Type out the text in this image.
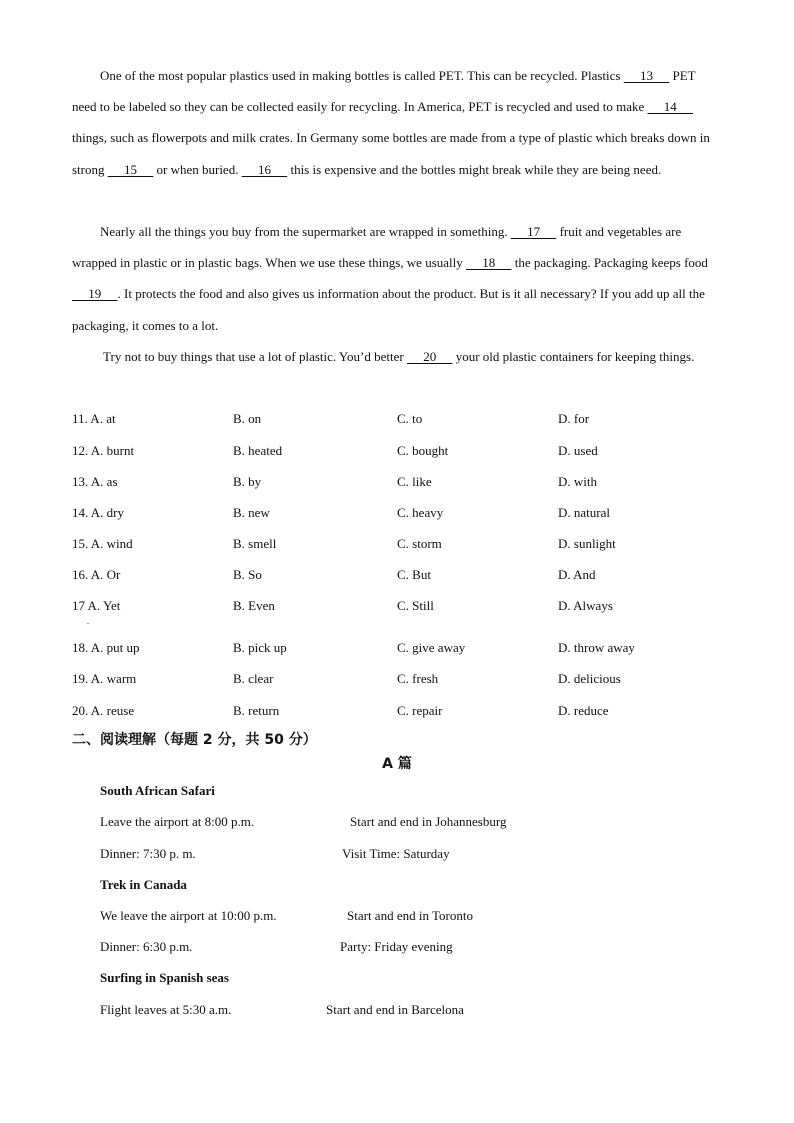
One of the most popular plastics used in making bottles is called PET. This can be recycled. Plastics      13      PET need to be labeled so they can be collected easily for recycling. In America, PET is recycled and used to make      14      things, such as flowerpots and milk crates. In Germany some bottles are made from a type of plastic which breaks down in strong      15      or when buried.      16      this is expensive and the bottles might break while they are being need.

Nearly all the things you buy from the supermarket are wrapped in something.      17      fruit and vegetables are wrapped in plastic or in plastic bags. When we use these things, we usually      18      the packaging. Packaging keeps food      19     . It protects the food and also gives us information about the product. But is it all necessary? If you add up all the packaging, it comes to a lot.

Try not to buy things that use a lot of plastic. You’d better      20      your old plastic containers for keeping things.

11. A. at	B. on	C. to	D. for
12. A. burnt	B. heated	C. bought	D. used
13. A. as	B. by	C. like	D. with
14. A. dry	B. new	C. heavy	D. natural
15. A. wind	B. smell	C. storm	D. sunlight
16. A. Or	B. So	C. But	D. And
17 A. Yet	B. Even	C. Still	D. Always
18. A. put up	B. pick up	C. give away	D. throw away
19. A. warm	B. clear	C. fresh	D. delicious
20. A. reuse	B. return	C. repair	D. reduce
.
二、阅读理解（每题 2 分，共 50 分）
A 篇
South African Safari
Leave the airport at 8:00 p.m.	Start and end in Johannesburg
Dinner: 7:30 p. m.	Visit Time: Saturday
Trek in Canada
We leave the airport at 10:00 p.m.	Start and end in Toronto
Dinner: 6:30 p.m.	Party: Friday evening
Surfing in Spanish seas
Flight leaves at 5:30 a.m.	Start and end in Barcelona
